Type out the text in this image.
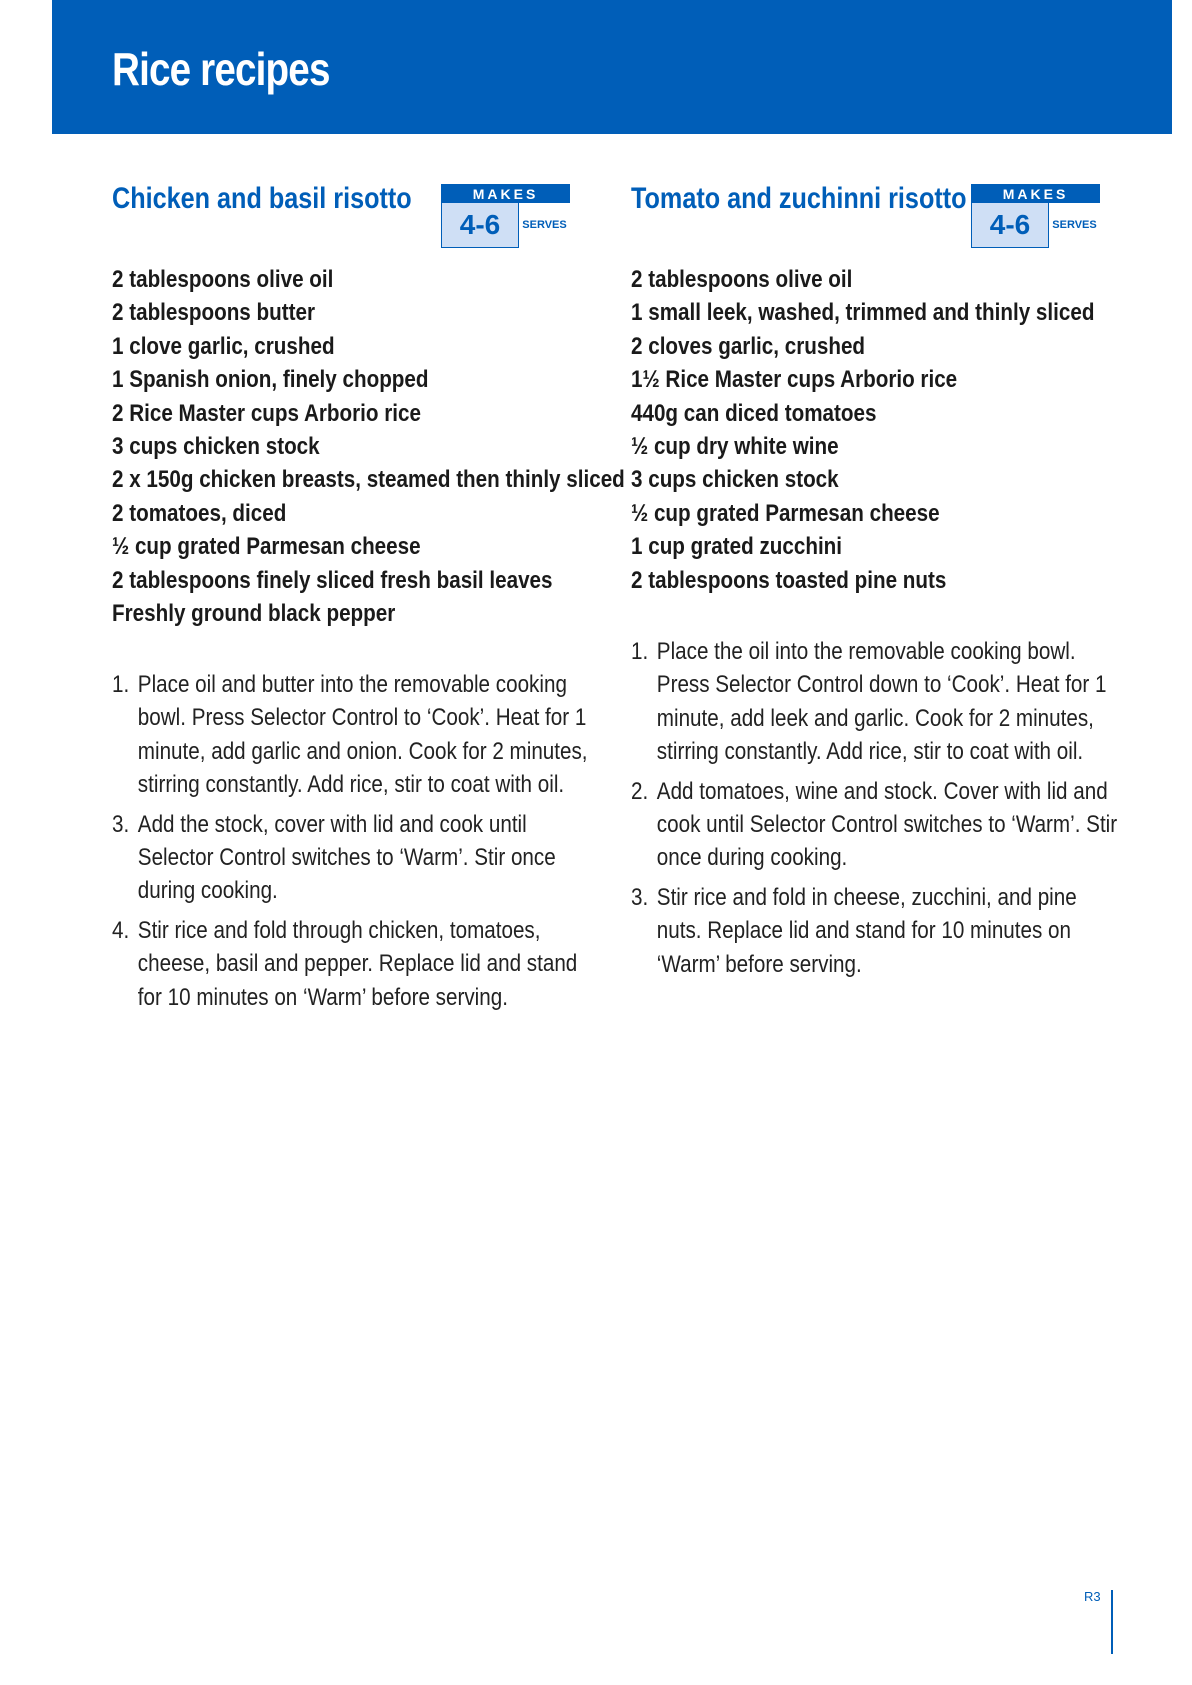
Rice recipes
Chicken and basil risotto	MAKES
4-6	SERVES
2 tablespoons olive oil
2 tablespoons butter
1 clove garlic, crushed
1 Spanish onion, finely chopped
2 Rice Master cups Arborio rice
3 cups chicken stock
2 x 150g chicken breasts, steamed then thinly sliced
2 tomatoes, diced
½ cup grated Parmesan cheese
2 tablespoons finely sliced fresh basil leaves
Freshly ground black pepper
1. Place oil and butter into the removable cooking bowl. Press Selector Control to ‘Cook’. Heat for 1 minute, add garlic and onion. Cook for 2 minutes, stirring constantly. Add rice, stir to coat with oil.
3. Add the stock, cover with lid and cook until Selector Control switches to ‘Warm’. Stir once during cooking.
4. Stir rice and fold through chicken, tomatoes, cheese, basil and pepper. Replace lid and stand for 10 minutes on ‘Warm’ before serving.
Tomato and zuchinni risotto	MAKES
4-6	SERVES
2 tablespoons olive oil
1 small leek, washed, trimmed and thinly sliced
2 cloves garlic, crushed
1½ Rice Master cups Arborio rice
440g can diced tomatoes
½ cup dry white wine
3 cups chicken stock
½ cup grated Parmesan cheese
1 cup grated zucchini
2 tablespoons toasted pine nuts
1. Place the oil into the removable cooking bowl. Press Selector Control down to ‘Cook’. Heat for 1 minute, add leek and garlic. Cook for 2 minutes, stirring constantly. Add rice, stir to coat with oil.
2. Add tomatoes, wine and stock. Cover with lid and cook until Selector Control switches to ‘Warm’. Stir once during cooking.
3. Stir rice and fold in cheese, zucchini, and pine nuts. Replace lid and stand for 10 minutes on ‘Warm’ before serving.
R3
